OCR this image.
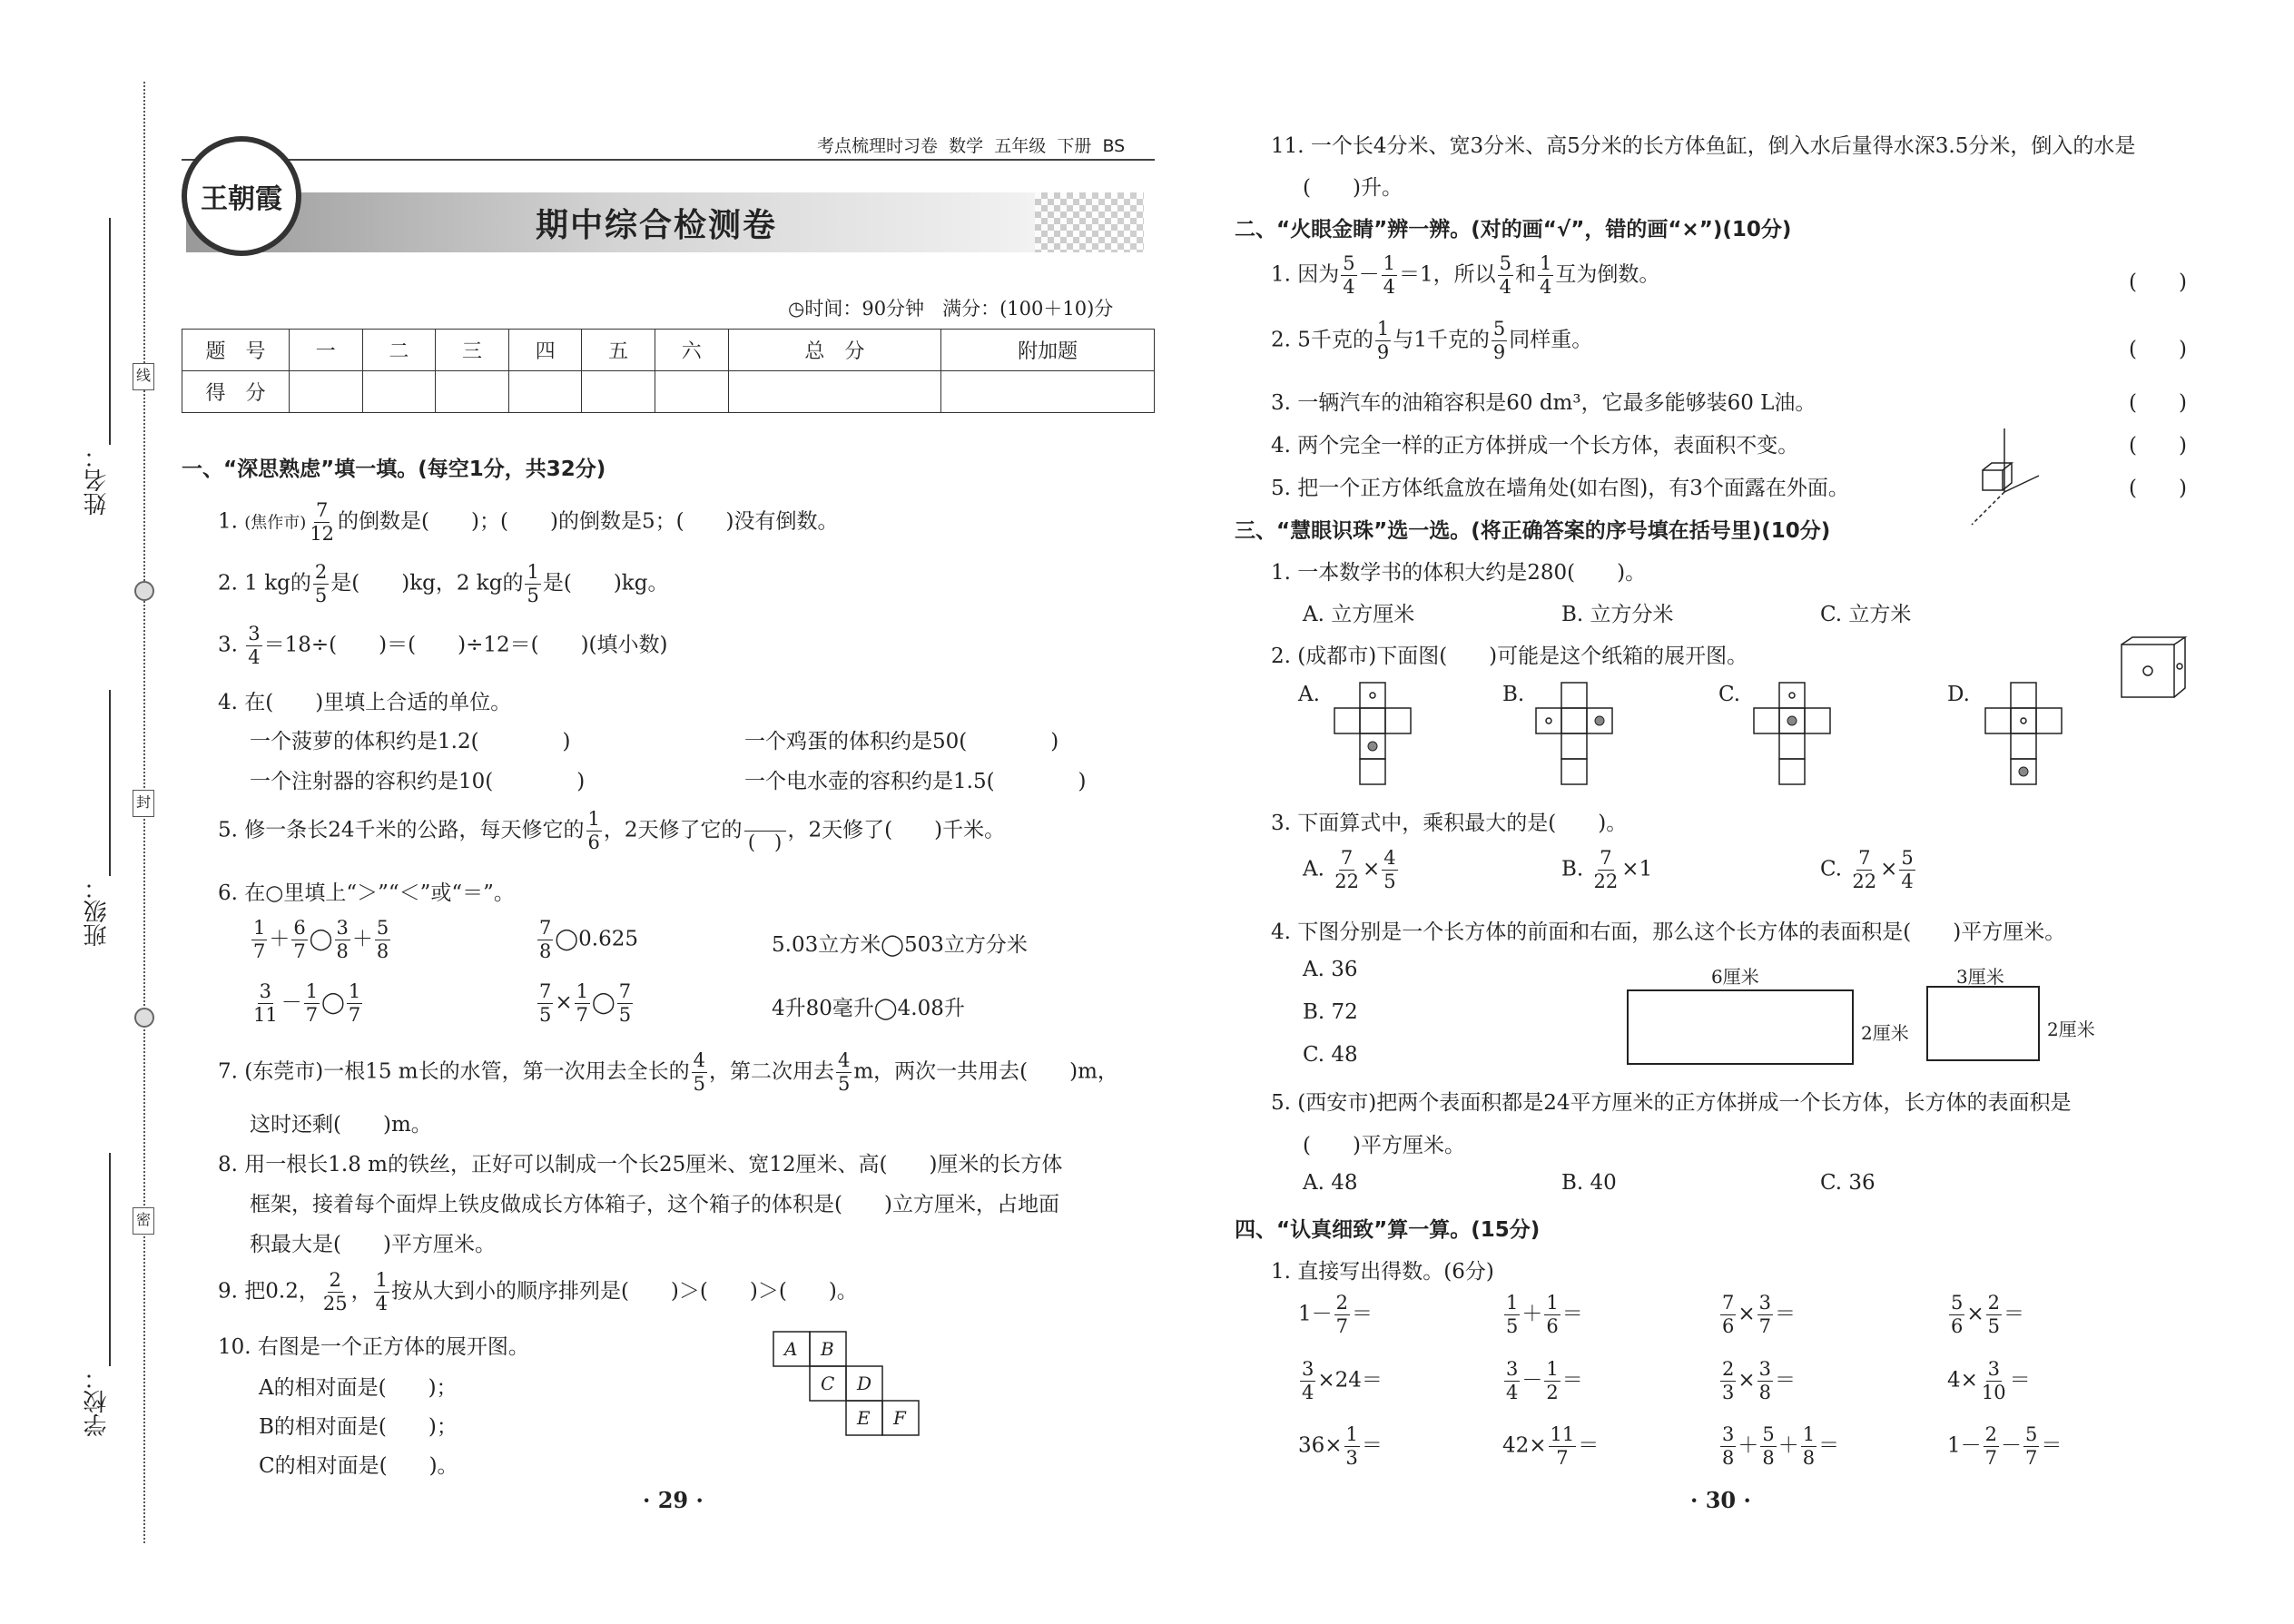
姓名：
班级：
学校：
线
封
密
考点梳理时习卷 数学 五年级 下册 BS
王朝霞
期中综合检测卷
◷时间：90分钟 满分：(100＋10)分
题　号	一	二	三	四	五	六	总　分	附加题
得　分								
一、“深思熟虑”填一填。(每空1分，共32分)
1. (焦作市) $\frac{7}{12}$ 的倒数是(　　)；(　　)的倒数是5；(　　)没有倒数。
2. 1 kg的 $\frac{2}{5}$ 是(　　)kg，2 kg的 $\frac{1}{5}$ 是(　　)kg。
3. $\frac{3}{4} =18\div$(　　)＝(　　)÷12＝(　　)(填小数)
4. 在(　　)里填上合适的单位。
一个菠萝的体积约是1.2(　　　　)	一个鸡蛋的体积约是50(　　　　)
一个注射器的容积约是10(　　　　)	一个电水壶的容积约是1.5(　　　　)
5. 修一条长24千米的公路，每天修它的 $\frac{1}{6}$ ，2天修了它的

(　)
，2天修了(　　)千米。
6. 在○里填上“＞”“＜”或“＝”。
$\frac{1}{7} + \frac{6}{7}$ ◯ $\frac{3}{8} + \frac{5}{8}$	$\frac{7}{8}$ ◯0.625	5.03立方米◯503立方分米
$\frac{3}{11} - \frac{1}{7}$ ◯ $\frac{1}{7}$	$\frac{7}{5} \times \frac{1}{7}$ ◯ $\frac{7}{5}$	4升80毫升◯4.08升
7. (东莞市)一根15 m长的水管，第一次用去全长的 $\frac{4}{5}$ ，第二次用去 $\frac{4}{5}$ m，两次一共用去(　　)m，
这时还剩(　　)m。
8. 用一根长1.8 m的铁丝，正好可以制成一个长25厘米、宽12厘米、高(　　)厘米的长方体
框架，接着每个面焊上铁皮做成长方体箱子，这个箱子的体积是(　　)立方厘米，占地面
积最大是(　　)平方厘米。
9. 把0.2， $\frac{2}{25}$ ， $\frac{1}{4}$ 按从大到小的顺序排列是(　　)＞(　　)＞(　　)。
10. 右图是一个正方体的展开图。
A的相对面是(　　)；
B的相对面是(　　)；
C的相对面是(　　)。
A B
C D
E F
· 29 ·
11. 一个长4分米、宽3分米、高5分米的长方体鱼缸，倒入水后量得水深3.5分米，倒入的水是
(　　)升。
二、“火眼金睛”辨一辨。(对的画“√”，错的画“×”)(10分)
1. 因为 $\frac{5}{4} - \frac{1}{4} =1$，所以 $\frac{5}{4}$ 和 $\frac{1}{4}$ 互为倒数。	(　　)
2. 5千克的 $\frac{1}{9}$ 与1千克的 $\frac{5}{9}$ 同样重。	(　　)
3. 一辆汽车的油箱容积是60 dm³，它最多能够装60 L油。	(　　)
4. 两个完全一样的正方体拼成一个长方体，表面积不变。	(　　)
5. 把一个正方体纸盒放在墙角处(如右图)，有3个面露在外面。	(　　)
三、“慧眼识珠”选一选。(将正确答案的序号填在括号里)(10分)
1. 一本数学书的体积大约是280(　　)。
A. 立方厘米	B. 立方分米	C. 立方米
2. (成都市)下面图(　　)可能是这个纸箱的展开图。
A.	B.	C.	D.
3. 下面算式中，乘积最大的是(　　)。
A. $\frac{7}{22} \times \frac{4}{5}$	B. $\frac{7}{22} \times 1$	C. $\frac{7}{22} \times \frac{5}{4}$
4. 下图分别是一个长方体的前面和右面，那么这个长方体的表面积是(　　)平方厘米。
A. 36
B. 72
C. 48
6厘米
2厘米
3厘米
2厘米
5. (西安市)把两个表面积都是24平方厘米的正方体拼成一个长方体，长方体的表面积是
(　　)平方厘米。
A. 48	B. 40	C. 36
四、“认真细致”算一算。(15分)
1. 直接写出得数。(6分)
$1- \frac{2}{7}$ ＝	$\frac{1}{5} + \frac{1}{6}$ ＝	$\frac{7}{6} \times \frac{3}{7}$ ＝	$\frac{5}{6} \times \frac{2}{5}$ ＝
$\frac{3}{4} \times 24=$	$\frac{3}{4} - \frac{1}{2}$ ＝	$\frac{2}{3} \times \frac{3}{8}$ ＝	$4\times \frac{3}{10}$ ＝
$36\times \frac{1}{3}$ ＝	$42\times \frac{11}{7}$ ＝	$\frac{3}{8} + \frac{5}{8} + \frac{1}{8}$ ＝	$1- \frac{2}{7} - \frac{5}{7}$ ＝
· 30 ·
